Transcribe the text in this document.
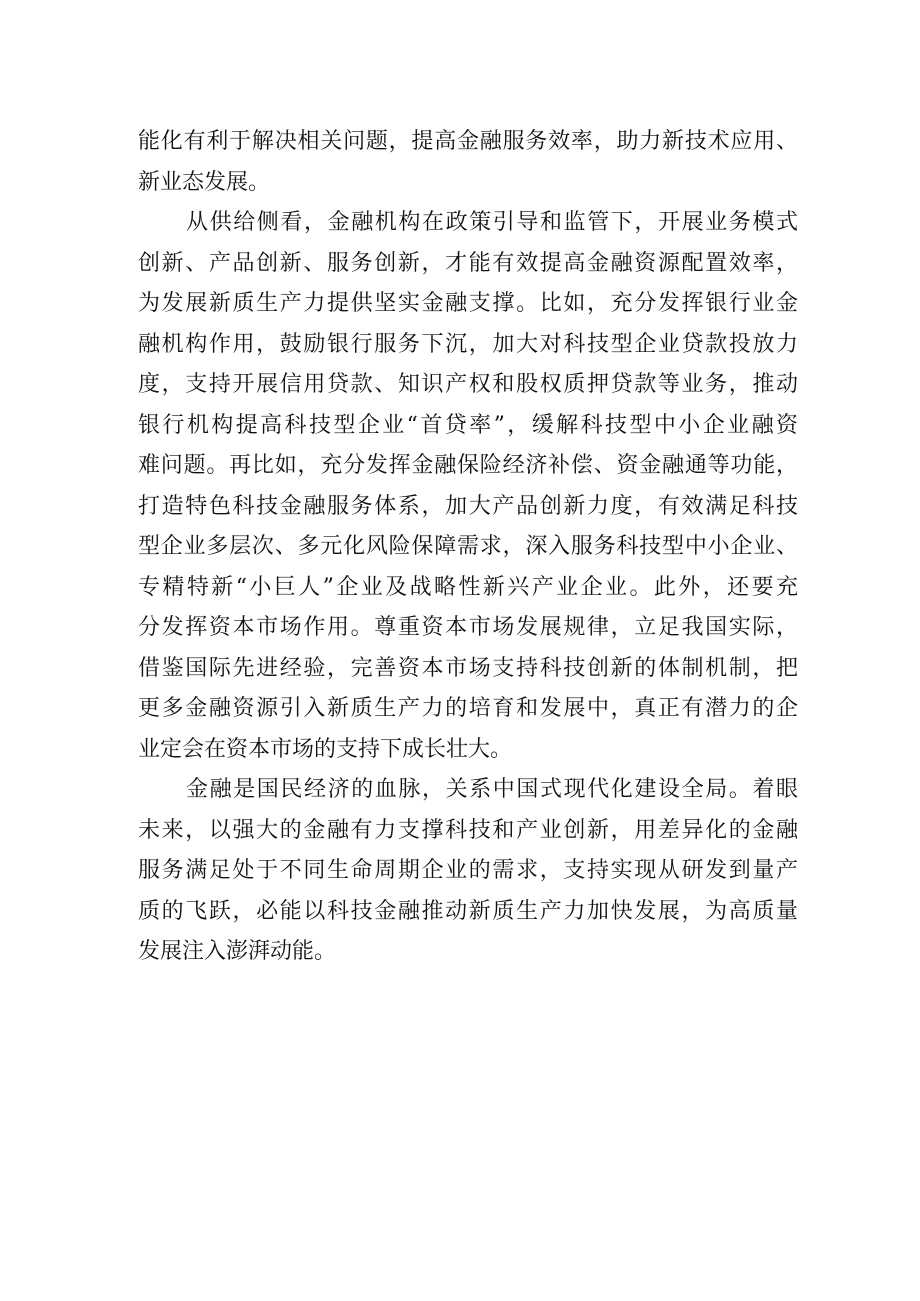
能化有利于解决相关问题，提高金融服务效率，助力新技术应用、
新业态发展。
从供给侧看，金融机构在政策引导和监管下，开展业务模式
创新、产品创新、服务创新，才能有效提高金融资源配置效率，
为发展新质生产力提供坚实金融支撑。比如，充分发挥银行业金
融机构作用，鼓励银行服务下沉，加大对科技型企业贷款投放力
度，支持开展信用贷款、知识产权和股权质押贷款等业务，推动
银行机构提高科技型企业“首贷率”，缓解科技型中小企业融资
难问题。再比如，充分发挥金融保险经济补偿、资金融通等功能，
打造特色科技金融服务体系，加大产品创新力度，有效满足科技
型企业多层次、多元化风险保障需求，深入服务科技型中小企业、
专精特新“小巨人”企业及战略性新兴产业企业。此外，还要充
分发挥资本市场作用。尊重资本市场发展规律，立足我国实际，
借鉴国际先进经验，完善资本市场支持科技创新的体制机制，把
更多金融资源引入新质生产力的培育和发展中，真正有潜力的企
业定会在资本市场的支持下成长壮大。
金融是国民经济的血脉，关系中国式现代化建设全局。着眼
未来，以强大的金融有力支撑科技和产业创新，用差异化的金融
服务满足处于不同生命周期企业的需求，支持实现从研发到量产
质的飞跃，必能以科技金融推动新质生产力加快发展，为高质量
发展注入澎湃动能。
